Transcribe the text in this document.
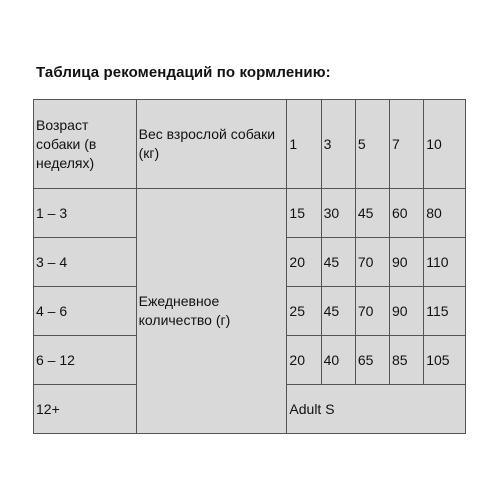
Таблица рекомендаций по кормлению:
Возраст собаки (в неделях)	Вес взрослой собаки (кг)	1	3	5	7	10
1 – 3	Ежедневное количество (г)	15	30	45	60	80
3 – 4		20	45	70	90	110
4 – 6		25	45	70	90	115
6 – 12		20	40	65	85	105
12+		Adult S				
